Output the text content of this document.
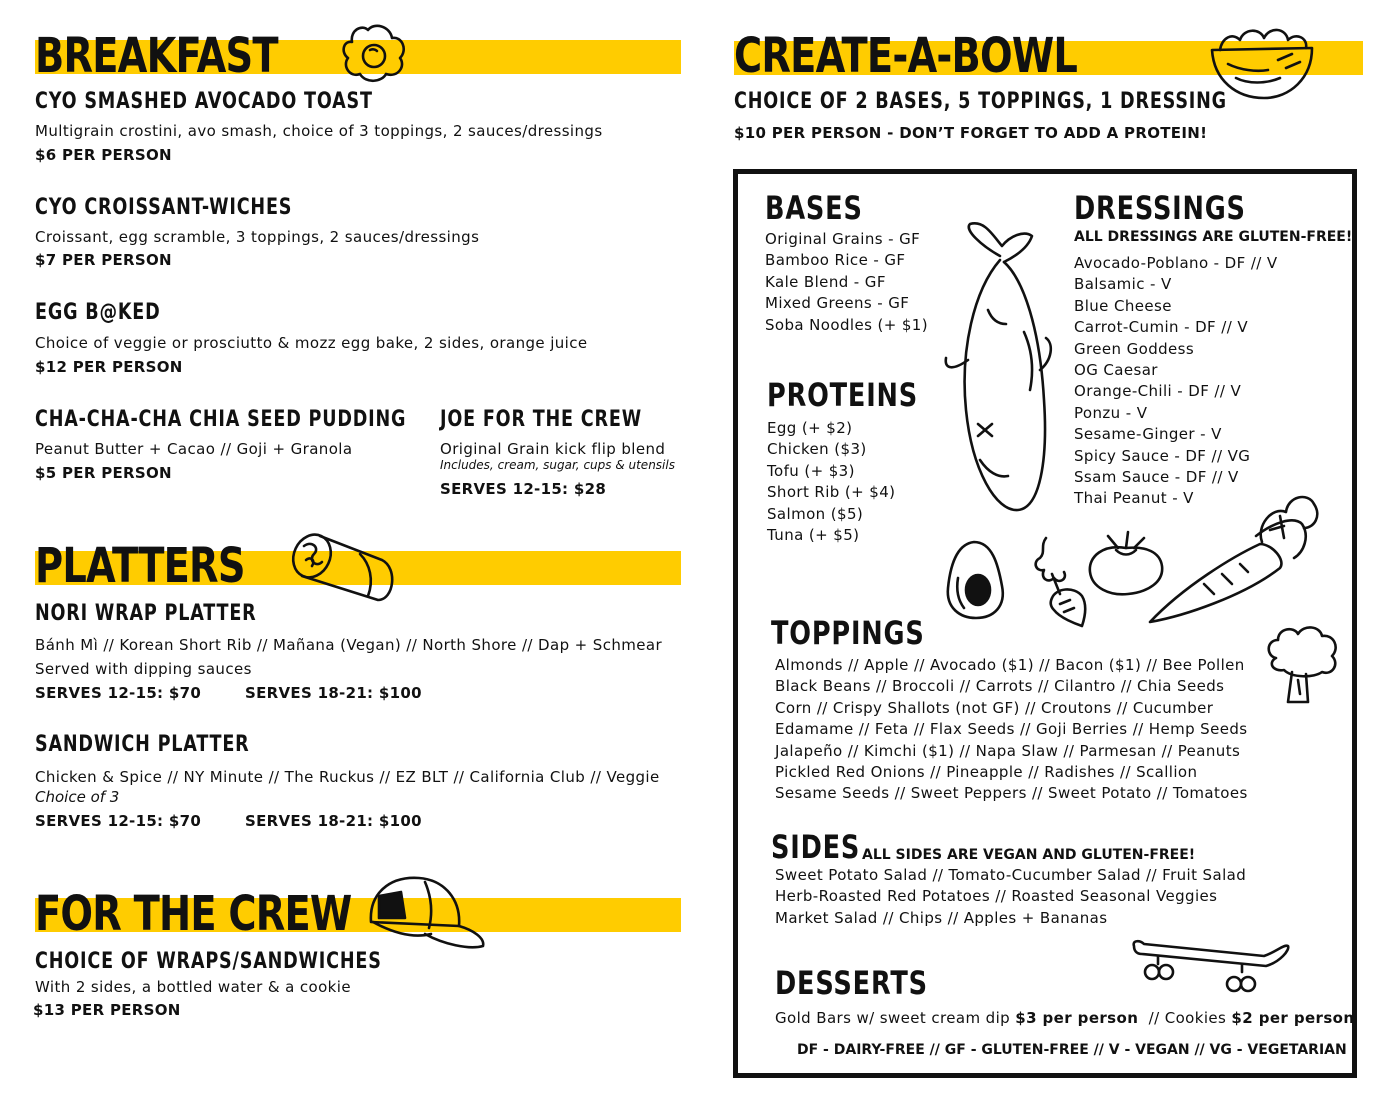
BREAKFAST
CYO SMASHED AVOCADO TOAST
Multigrain crostini, avo smash, choice of 3 toppings, 2 sauces/dressings
$6 PER PERSON
CYO CROISSANT-WICHES
Croissant, egg scramble, 3 toppings, 2 sauces/dressings
$7 PER PERSON
EGG B@KED
Choice of veggie or prosciutto & mozz egg bake, 2 sides, orange juice
$12 PER PERSON
CHA-CHA-CHA CHIA SEED PUDDING
Peanut Butter + Cacao // Goji + Granola
$5 PER PERSON
JOE FOR THE CREW
Original Grain kick flip blend
Includes, cream, sugar, cups & utensils
SERVES 12-15: $28
PLATTERS
NORI WRAP PLATTER
Bánh Mì // Korean Short Rib // Mañana (Vegan) // North Shore // Dap + Schmear
Served with dipping sauces
SERVES 12-15: $70	SERVES 18-21: $100
SANDWICH PLATTER
Chicken & Spice // NY Minute // The Ruckus // EZ BLT // California Club // Veggie
Choice of 3
SERVES 12-15: $70	SERVES 18-21: $100
FOR THE CREW
CHOICE OF WRAPS/SANDWICHES
With 2 sides, a bottled water & a cookie
$13 PER PERSON
CREATE-A-BOWL
CHOICE OF 2 BASES, 5 TOPPINGS, 1 DRESSING
$10 PER PERSON - DON’T FORGET TO ADD A PROTEIN!
BASES
Original Grains - GF
Bamboo Rice - GF
Kale Blend - GF
Mixed Greens - GF
Soba Noodles (+ $1)
PROTEINS
Egg (+ $2)
Chicken ($3)
Tofu (+ $3)
Short Rib (+ $4)
Salmon ($5)
Tuna (+ $5)
DRESSINGS
ALL DRESSINGS ARE GLUTEN-FREE!
Avocado-Poblano - DF // V
Balsamic - V
Blue Cheese
Carrot-Cumin - DF // V
Green Goddess
OG Caesar
Orange-Chili - DF // V
Ponzu - V
Sesame-Ginger - V
Spicy Sauce - DF // VG
Ssam Sauce - DF // V
Thai Peanut - V
TOPPINGS
Almonds // Apple // Avocado ($1) // Bacon ($1) // Bee Pollen
Black Beans // Broccoli // Carrots // Cilantro // Chia Seeds
Corn // Crispy Shallots (not GF) // Croutons // Cucumber
Edamame // Feta // Flax Seeds // Goji Berries // Hemp Seeds
Jalapeño // Kimchi ($1) // Napa Slaw // Parmesan // Peanuts
Pickled Red Onions // Pineapple // Radishes // Scallion
Sesame Seeds // Sweet Peppers // Sweet Potato // Tomatoes
SIDES ALL SIDES ARE VEGAN AND GLUTEN-FREE!
Sweet Potato Salad // Tomato-Cucumber Salad // Fruit Salad
Herb-Roasted Red Potatoes // Roasted Seasonal Veggies
Market Salad // Chips // Apples + Bananas
DESSERTS
Gold Bars w/ sweet cream dip $3 per person // Cookies $2 per person
DF - DAIRY-FREE // GF - GLUTEN-FREE // V - VEGAN // VG - VEGETARIAN
